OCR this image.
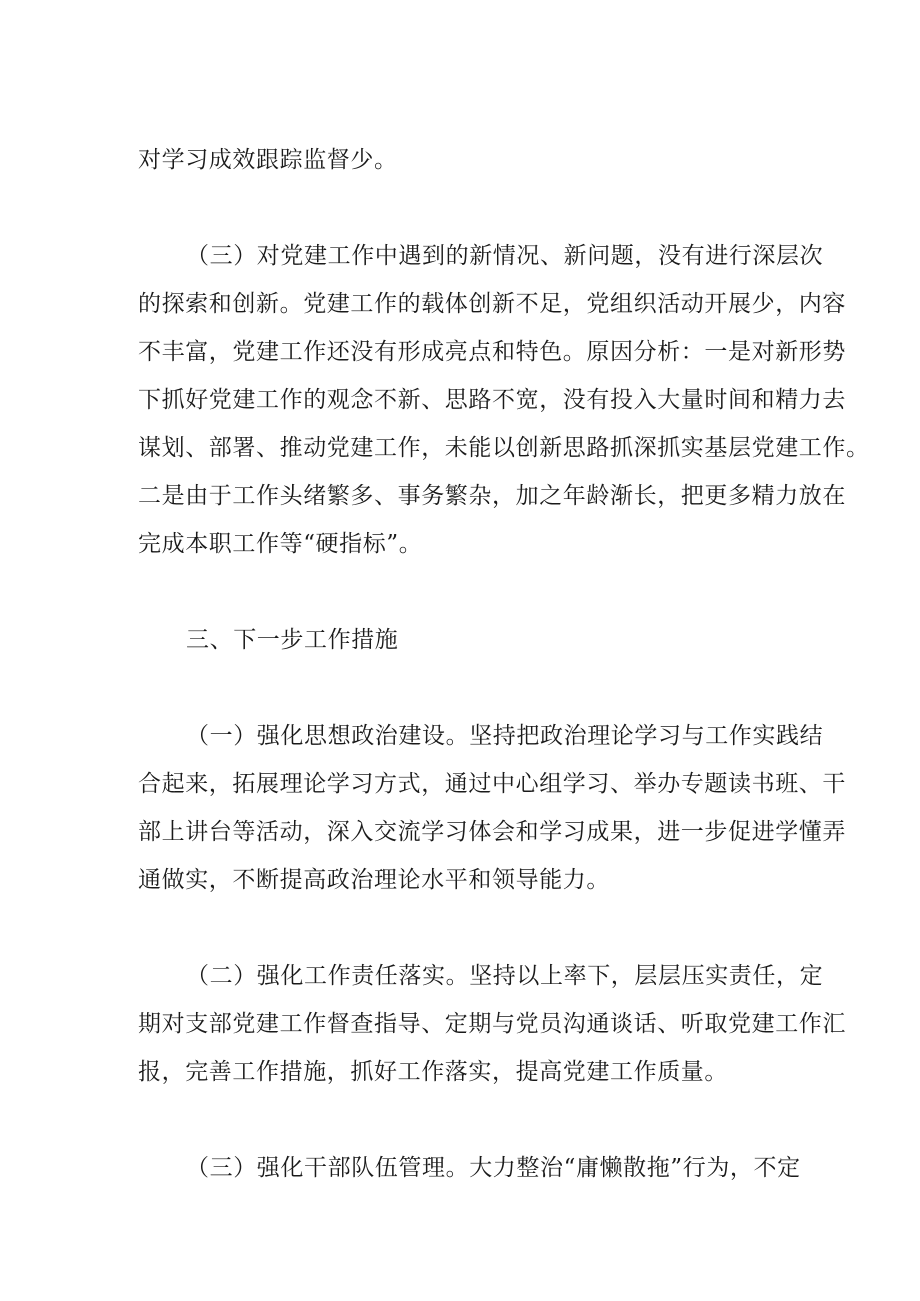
对学习成效跟踪监督少。

（三）对党建工作中遇到的新情况、新问题，没有进行深层次

的探索和创新。党建工作的载体创新不足，党组织活动开展少，内容

不丰富，党建工作还没有形成亮点和特色。原因分析：一是对新形势

下抓好党建工作的观念不新、思路不宽，没有投入大量时间和精力去

谋划、部署、推动党建工作，未能以创新思路抓深抓实基层党建工作。

二是由于工作头绪繁多、事务繁杂，加之年龄渐长，把更多精力放在

完成本职工作等“硬指标”。

三、下一步工作措施

（一）强化思想政治建设。坚持把政治理论学习与工作实践结

合起来，拓展理论学习方式，通过中心组学习、举办专题读书班、干

部上讲台等活动，深入交流学习体会和学习成果，进一步促进学懂弄

通做实，不断提高政治理论水平和领导能力。

（二）强化工作责任落实。坚持以上率下，层层压实责任，定

期对支部党建工作督查指导、定期与党员沟通谈话、听取党建工作汇

报，完善工作措施，抓好工作落实，提高党建工作质量。

（三）强化干部队伍管理。大力整治“庸懒散拖”行为，不定
